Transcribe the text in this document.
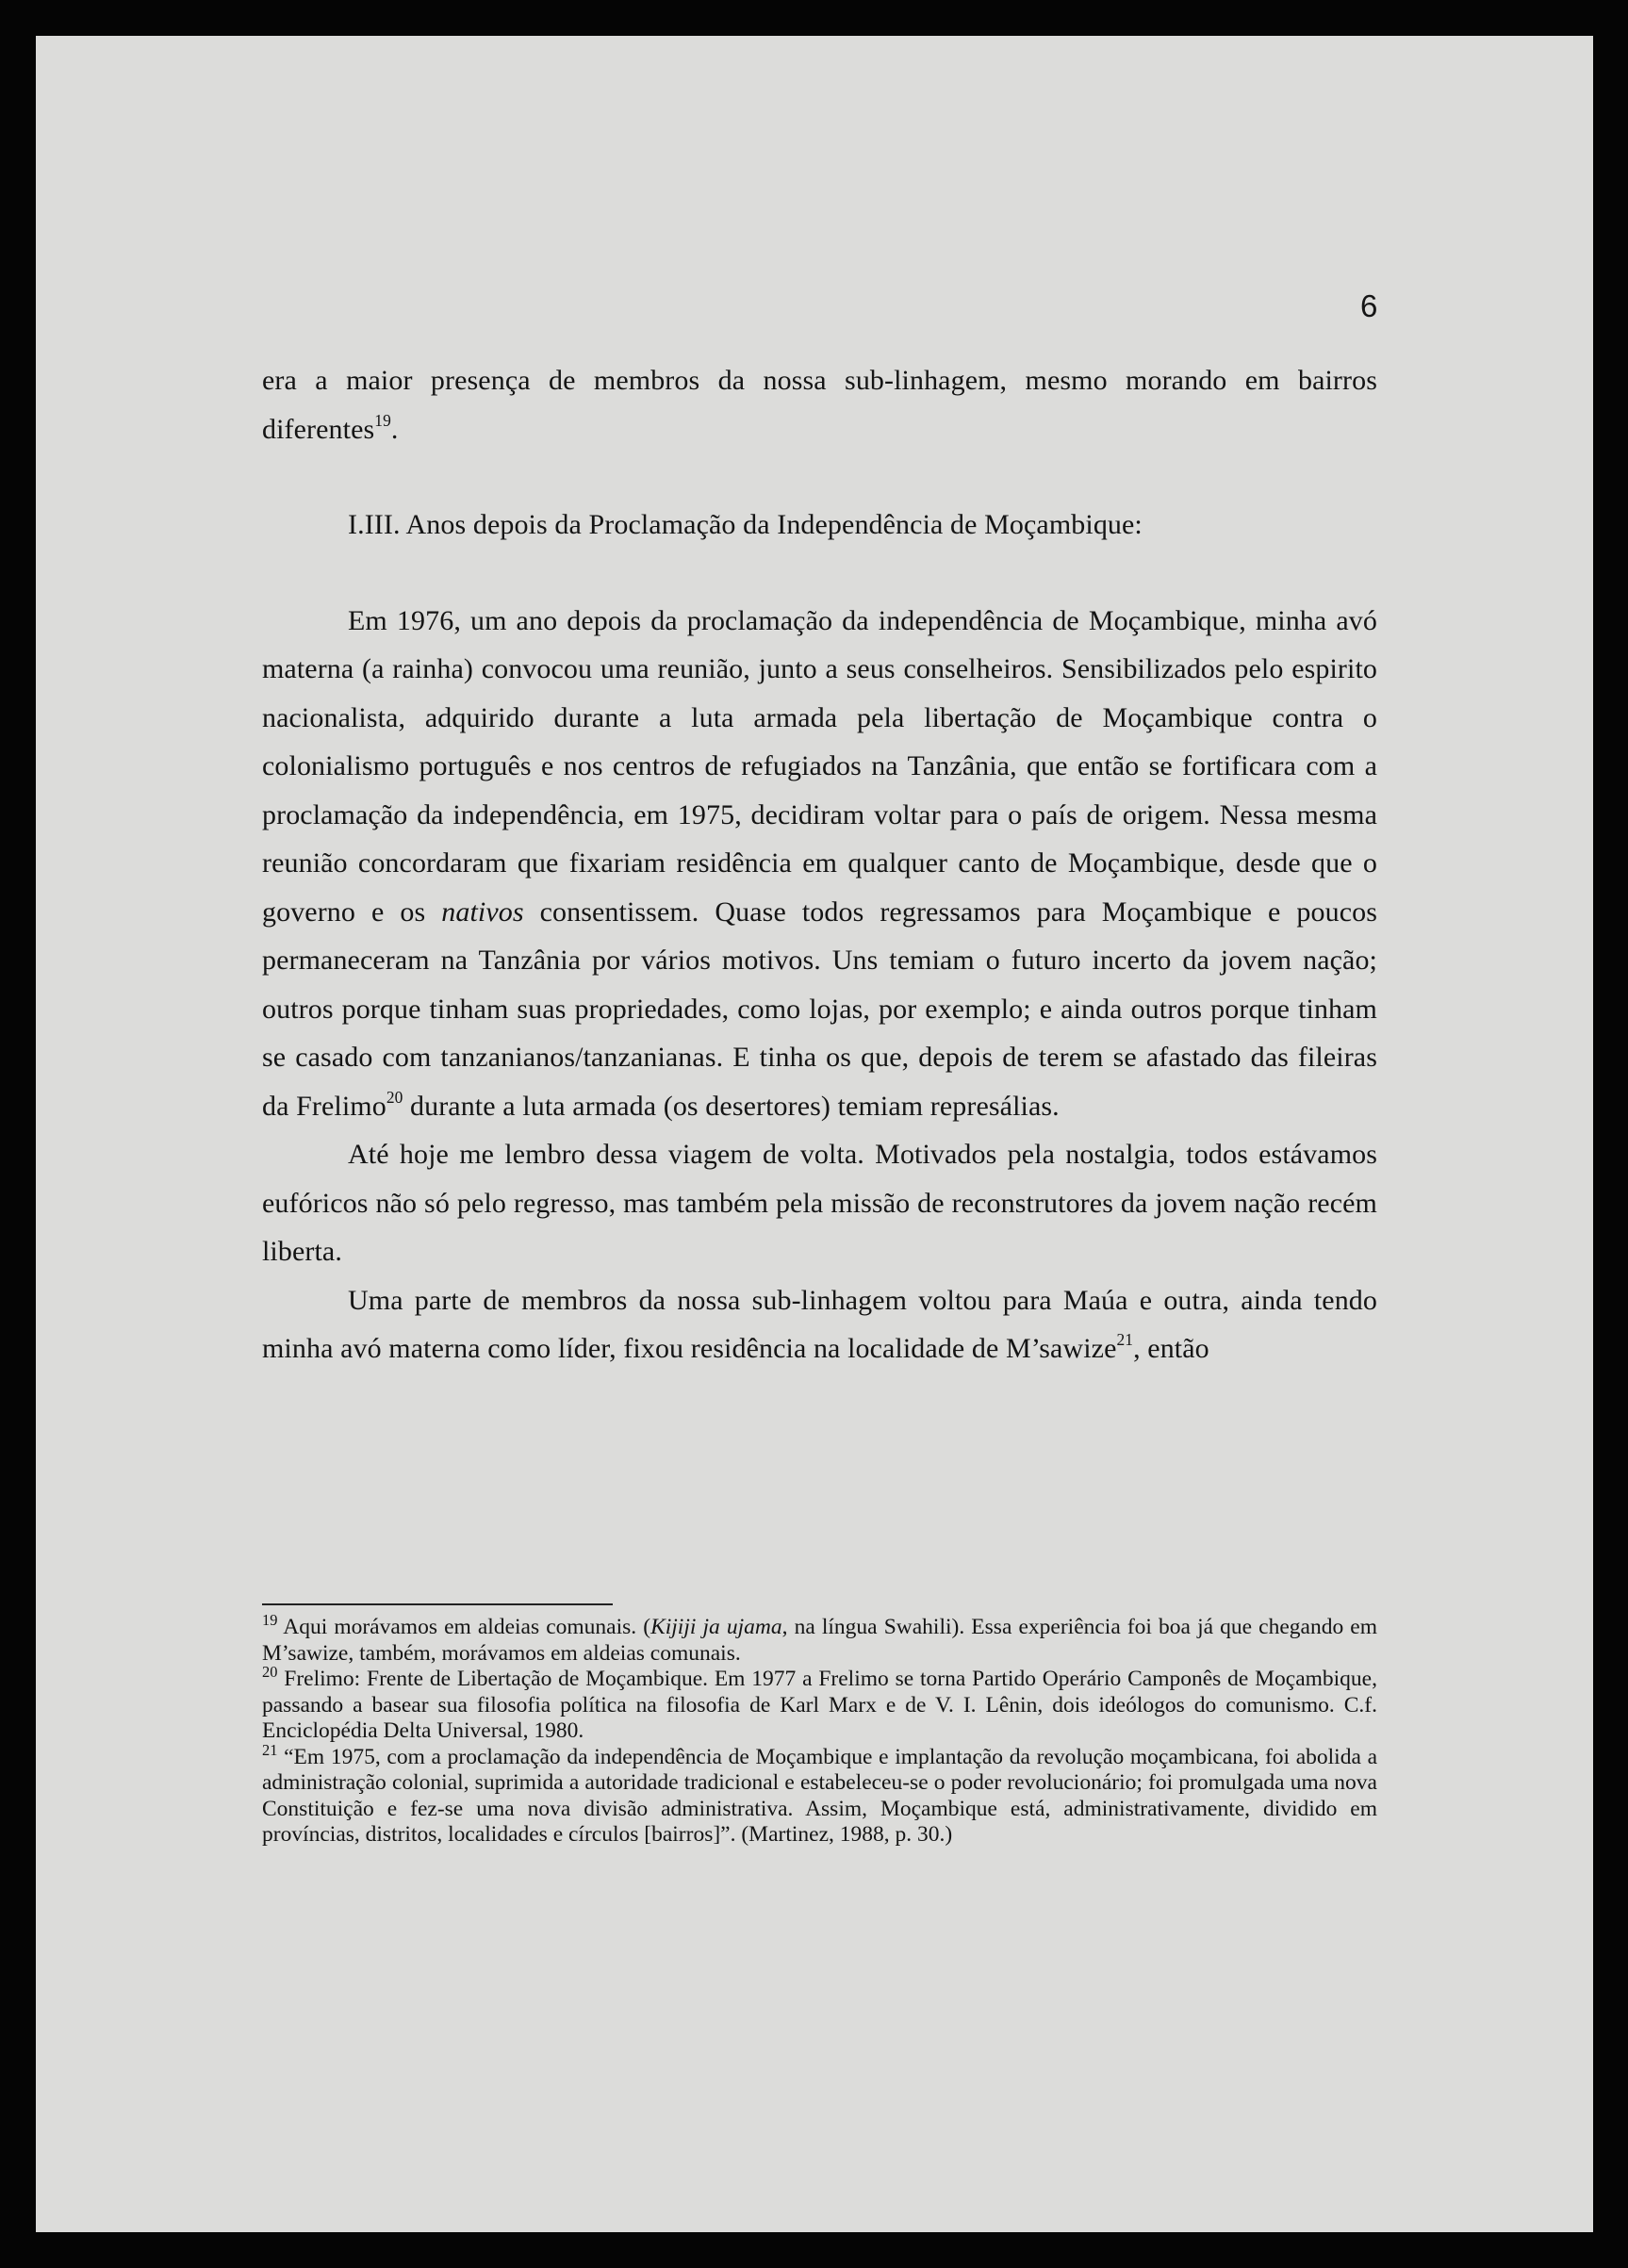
6

era a maior presença de membros da nossa sub-linhagem, mesmo morando em bairros diferentes$^{19}$.

I.III. Anos depois da Proclamação da Independência de Moçambique:

Em 1976, um ano depois da proclamação da independência de Moçambique, minha avó materna (a rainha) convocou uma reunião, junto a seus conselheiros. Sensibilizados pelo espirito nacionalista, adquirido durante a luta armada pela libertação de Moçambique contra o colonialismo português e nos centros de refugiados na Tanzânia, que então se fortificara com a proclamação da independência, em 1975, decidiram voltar para o país de origem. Nessa mesma reunião concordaram que fixariam residência em qualquer canto de Moçambique, desde que o governo e os nativos consentissem. Quase todos regressamos para Moçambique e poucos permaneceram na Tanzânia por vários motivos. Uns temiam o futuro incerto da jovem nação; outros porque tinham suas propriedades, como lojas, por exemplo; e ainda outros porque tinham se casado com tanzanianos/tanzanianas. E tinha os que, depois de terem se afastado das fileiras da Frelimo$^{20}$ durante a luta armada (os desertores) temiam represálias.

Até hoje me lembro dessa viagem de volta. Motivados pela nostalgia, todos estávamos eufóricos não só pelo regresso, mas também pela missão de reconstrutores da jovem nação recém liberta.

Uma parte de membros da nossa sub-linhagem voltou para Maúa e outra, ainda tendo minha avó materna como líder, fixou residência na localidade de M’sawize$^{21}$, então

$^{19}$ Aqui morávamos em aldeias comunais. (Kijiji ja ujama, na língua Swahili). Essa experiência foi boa já que chegando em M’sawize, também, morávamos em aldeias comunais.

$^{20}$ Frelimo: Frente de Libertação de Moçambique. Em 1977 a Frelimo se torna Partido Operário Camponês de Moçambique, passando a basear sua filosofia política na filosofia de Karl Marx e de V. I. Lênin, dois ideólogos do comunismo. C.f. Enciclopédia Delta Universal, 1980.

$^{21}$ “Em 1975, com a proclamação da independência de Moçambique e implantação da revolução moçambicana, foi abolida a administração colonial, suprimida a autoridade tradicional e estabeleceu-se o poder revolucionário; foi promulgada uma nova Constituição e fez-se uma nova divisão administrativa. Assim, Moçambique está, administrativamente, dividido em províncias, distritos, localidades e círculos [bairros]”. (Martinez, 1988, p. 30.)
